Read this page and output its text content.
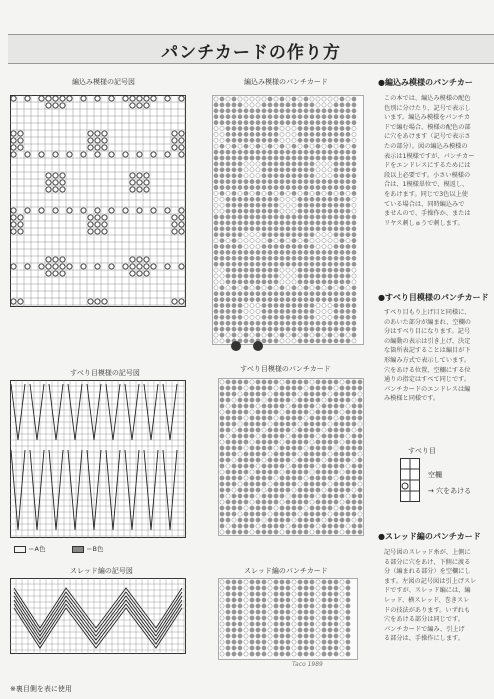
パンチカードの作り方
編込み模様の記号図	編込み模様のパンチカード
すべり目模様の記号図	すべり目模様のパンチカード
スレッド編の記号図	スレッド編のパンチカード
＝A色	＝B色
●編込み模様のパンチカー
この本では、編込み模様の配色
色別に分けたり、記号で表示し
います。編込み模様をパンチカ
ドで編む場合、模様の配色の部
に穴をあけます（記号で表示さ
たの部分）。図の編込み模様の
表示は1模様ですが、パンチカー
ドをエンドレスにするためには
段以上必要です。小さい模様の
合は、1模様単位で、模返し、
をあけます。同じで3色以上使
ている場合は、同時編込みで
ませんので、手操作か、または
リヤス刺しゅうで刺します。
●すべり目模様のパンチカード
すべり目もり上げ目と同様に、
のあいた部分が編まれ、空欄の
分はすべり目になります。記号
の編動の表示は引き上げ、決定
な箇所表記することは編目が下
形編み方式で表示しています。
穴をあける位置、空欄にする位
通りの指定はすべて同じです。
パンチカードのエンドレスは編
み模様と同様です。
すべり目
空欄
→ 穴をあける
●スレッド編のパンチカード
記号図のスレッド糸が、上側に
る部分に穴をあけ、下側に渡る
分（編まれる部分）を空欄にし
ます。左図の記号図は引上げスレ
ドですが、スレッド編には、編
レッド、横スレッド、巻きスレ
ドの技法があります。いずれも
穴をあける部分は同じです。
パンチカードで編み、引上げ
る部分は、手操作にします。
※裏目側を表に使用
Taco 1989
